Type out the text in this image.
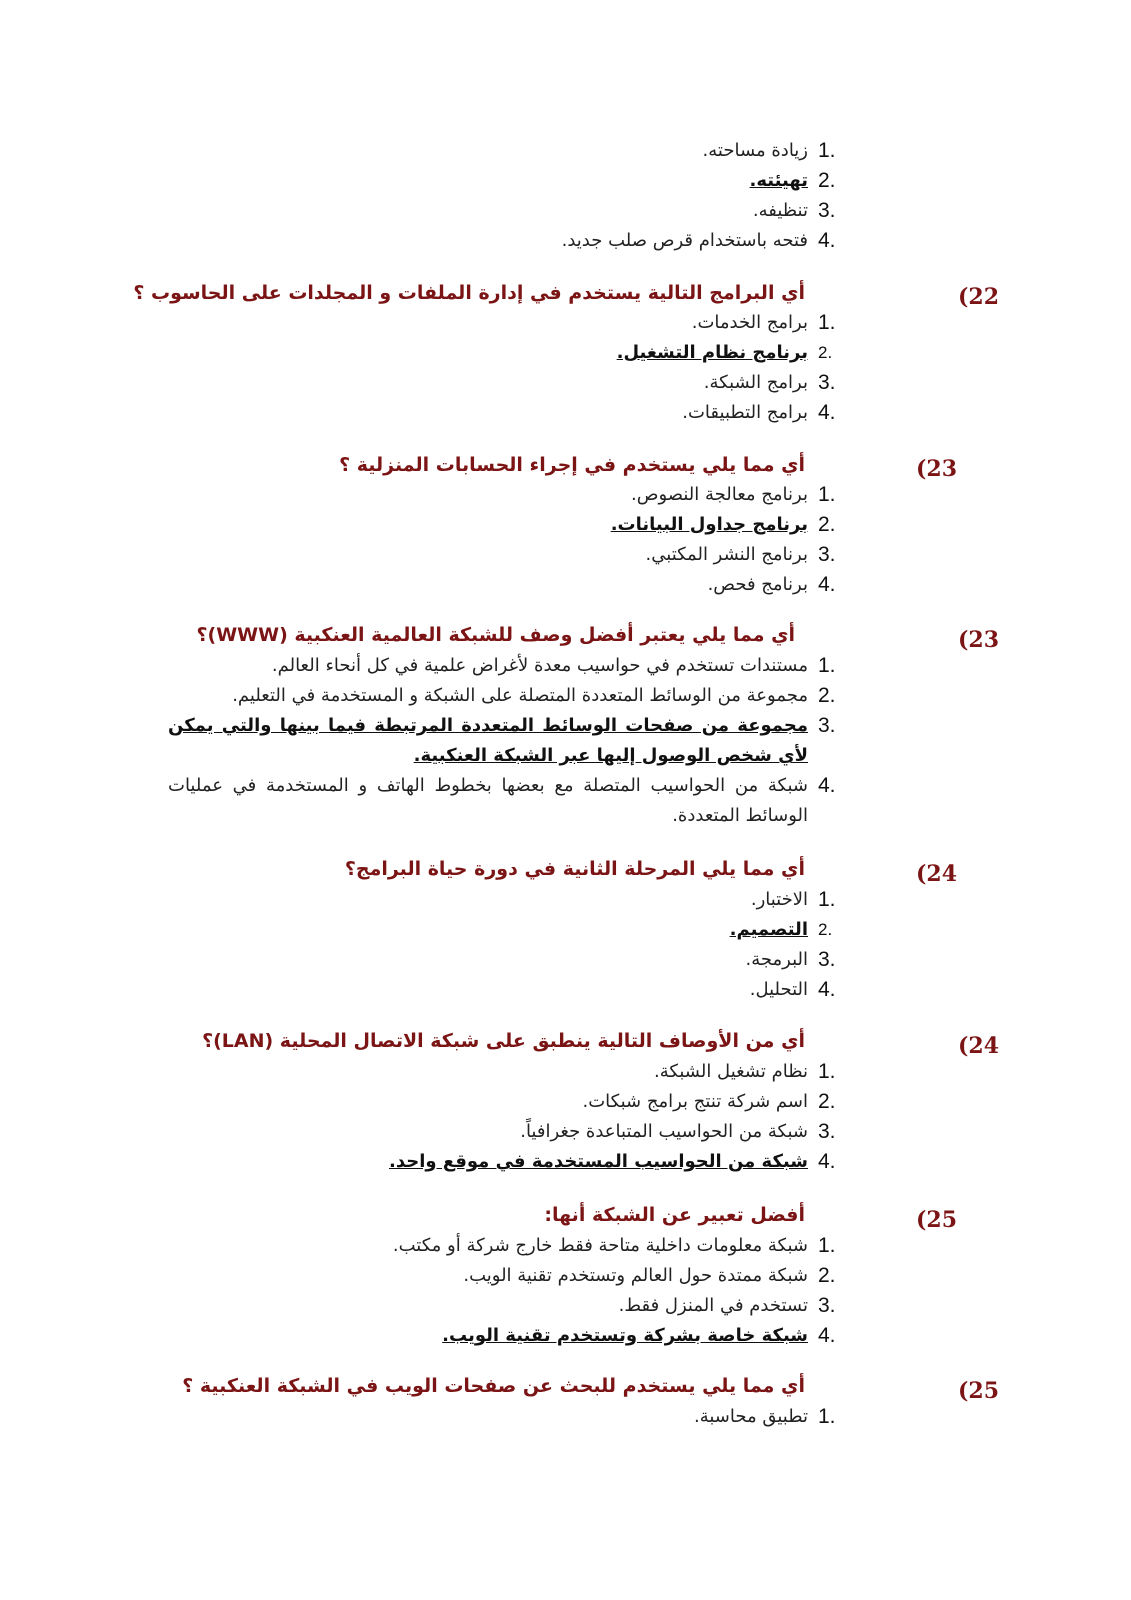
1.
زيادة مساحته.
2.
تهيئته.
3.
تنظيفه.
4.
فتحه باستخدام قرص صلب جديد.
(22
أي البرامج التالية يستخدم في إدارة الملفات و المجلدات على الحاسوب ؟
1.
برامج الخدمات.
2.
برنامج نظام التشغيل.
3.
برامج الشبكة.
4.
برامج التطبيقات.
(23
أي مما يلي يستخدم في إجراء الحسابات المنزلية ؟
1.
برنامج معالجة النصوص.
2.
برنامج جداول البيانات.
3.
برنامج النشر المكتبي.
4.
برنامج فحص.
(23
أي مما يلي يعتبر أفضل وصف للشبكة العالمية العنكبية (WWW)؟
1.
مستندات تستخدم في حواسيب معدة لأغراض علمية في كل أنحاء العالم.
2.
مجموعة من الوسائط المتعددة المتصلة على الشبكة و المستخدمة في التعليم.
3.
مجموعة من صفحات الوسائط المتعددة المرتبطة فيما بينها والتي يمكن لأي شخص الوصول إليها عبر الشبكة العنكبية.
4.
شبكة من الحواسيب المتصلة مع بعضها بخطوط الهاتف و المستخدمة في عمليات الوسائط المتعددة.
(24
أي مما يلي المرحلة الثانية في دورة حياة البرامج؟
1.
الاختبار.
2.
التصميم.
3.
البرمجة.
4.
التحليل.
(24
أي من الأوصاف التالية ينطبق على شبكة الاتصال المحلية (LAN)؟
1.
نظام تشغيل الشبكة.
2.
اسم شركة تنتج برامج شبكات.
3.
شبكة من الحواسيب المتباعدة جغرافياً.
4.
شبكة من الحواسيب المستخدمة في موقع واحد.
(25
أفضل تعبير عن الشبكة أنها:
1.
شبكة معلومات داخلية متاحة فقط خارج شركة أو مكتب.
2.
شبكة ممتدة حول العالم وتستخدم تقنية الويب.
3.
تستخدم في المنزل فقط.
4.
شبكة خاصة بشركة وتستخدم تقنية الويب.
(25
أي مما يلي يستخدم للبحث عن صفحات الويب في الشبكة العنكبية ؟
1.
تطبيق محاسبة.
